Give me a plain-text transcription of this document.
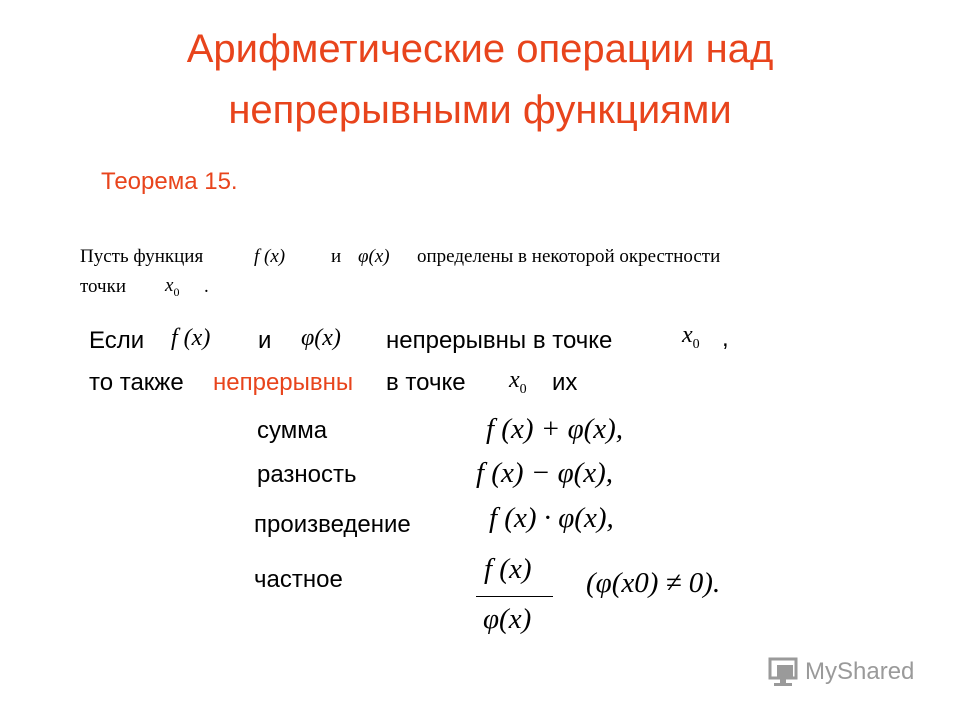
Арифметические операции над
непрерывными функциями
Теорема 15.
Пусть функция	f (x) и φ(x) определены в некоторой окрестности
точки $x_0$ .
Если f (x) и φ(x) непрерывны в точке	$x_0$ ,
то также непрерывны в точке $x_0$ их
сумма	f (x) + φ(x),
разность	f (x) − φ(x),
произведение	f (x) · φ(x),
частное	f (x)
φ(x)
(φ(x0) ≠ 0).
MyShared
